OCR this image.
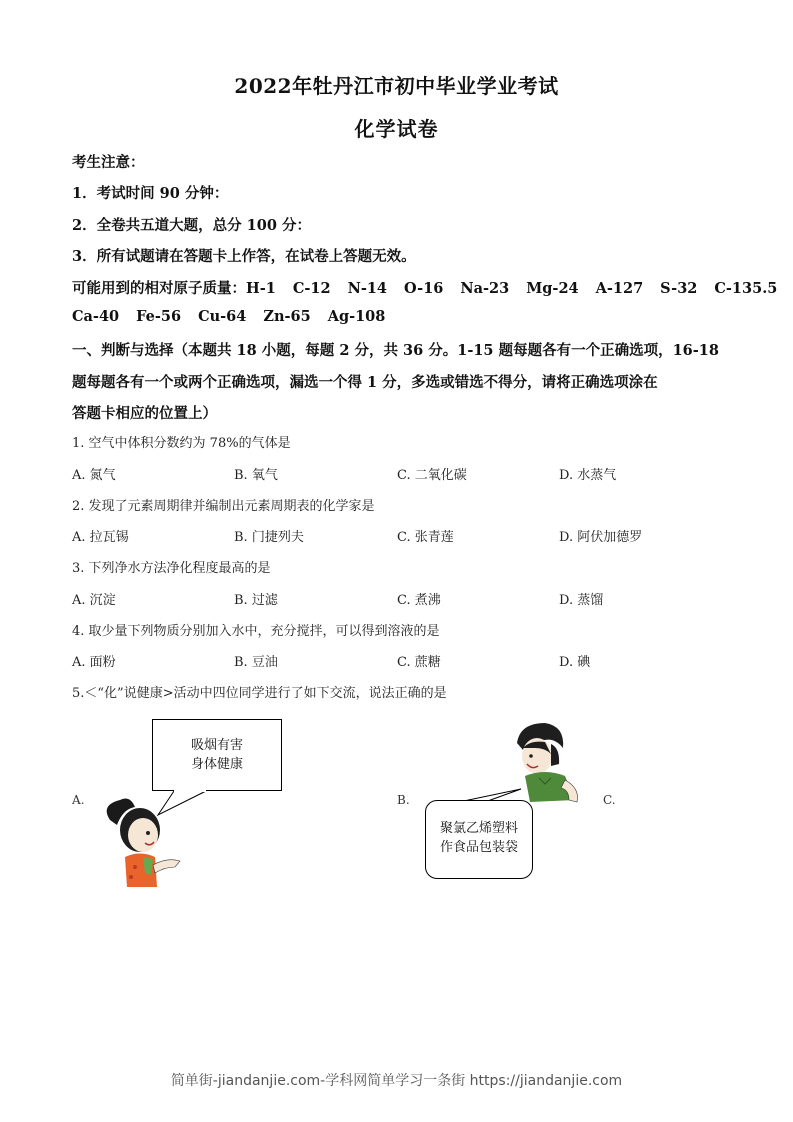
2022年牡丹江市初中毕业学业考试
化学试卷
考生注意：
1．考试时间 90 分钟：
2．全卷共五道大题，总分 100 分：
3．所有试题请在答题卡上作答，在试卷上答题无效。
可能用到的相对原子质量：H-1 C-12 N-14 O-16 Na-23 Mg-24 A-127 S-32 C-135.5
Ca-40 Fe-56 Cu-64 Zn-65 Ag-108
一、判断与选择（本题共 18 小题，每题 2 分，共 36 分。1-15 题每题各有一个正确选项，16-18
题每题各有一个或两个正确选项，漏选一个得 1 分，多选或错选不得分，请将正确选项涂在
答题卡相应的位置上）
1. 空气中体积分数约为 78%的气体是
A. 氮气	B. 氧气	C. 二氧化碳	D. 水蒸气
2. 发现了元素周期律并编制出元素周期表的化学家是
A. 拉瓦锡	B. 门捷列夫	C. 张青莲	D. 阿伏加德罗
3. 下列净水方法净化程度最高的是
A. 沉淀	B. 过滤	C. 煮沸	D. 蒸馏
4. 取少量下列物质分别加入水中，充分搅拌，可以得到溶液的是
A. 面粉	B. 豆油	C. 蔗糖	D. 碘
5.＜“化”说健康>活动中四位同学进行了如下交流，说法正确的是
A.	B.	C.
吸烟有害
身体健康
聚氯乙烯塑料
作食品包装袋
简单街-jiandanjie.com-学科网简单学习一条街 https://jiandanjie.com
